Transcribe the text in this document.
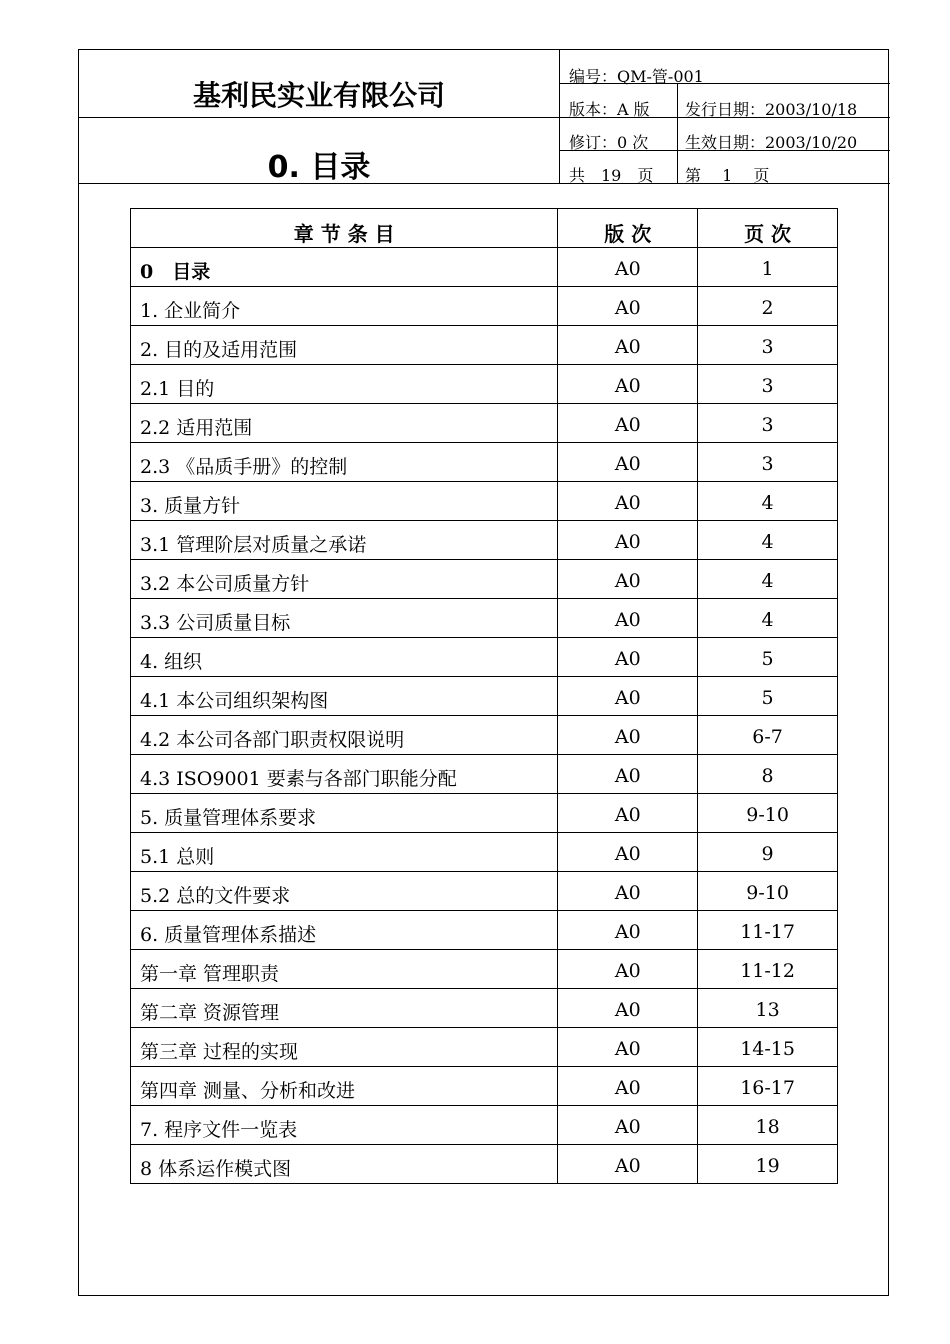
基利民实业有限公司
0. 目录
编号：QM-管-001
版本：A 版 发行日期：2003/10/18
修订：0 次 生效日期：2003/10/20
共　19　页 第　 1 　页
章 节 条 目	版 次	页 次
0　目录	A0	1
1. 企业简介	A0	2
2. 目的及适用范围	A0	3
2.1 目的	A0	3
2.2 适用范围	A0	3
2.3 《品质手册》的控制	A0	3
3. 质量方针	A0	4
3.1 管理阶层对质量之承诺	A0	4
3.2 本公司质量方针	A0	4
3.3 公司质量目标	A0	4
4. 组织	A0	5
4.1 本公司组织架构图	A0	5
4.2 本公司各部门职责权限说明	A0	6-7
4.3 ISO9001 要素与各部门职能分配	A0	8
5. 质量管理体系要求	A0	9-10
5.1 总则	A0	9
5.2 总的文件要求	A0	9-10
6. 质量管理体系描述	A0	11-17
第一章 管理职责	A0	11-12
第二章 资源管理	A0	13
第三章 过程的实现	A0	14-15
第四章 测量、分析和改进	A0	16-17
7. 程序文件一览表	A0	18
8 体系运作模式图	A0	19
